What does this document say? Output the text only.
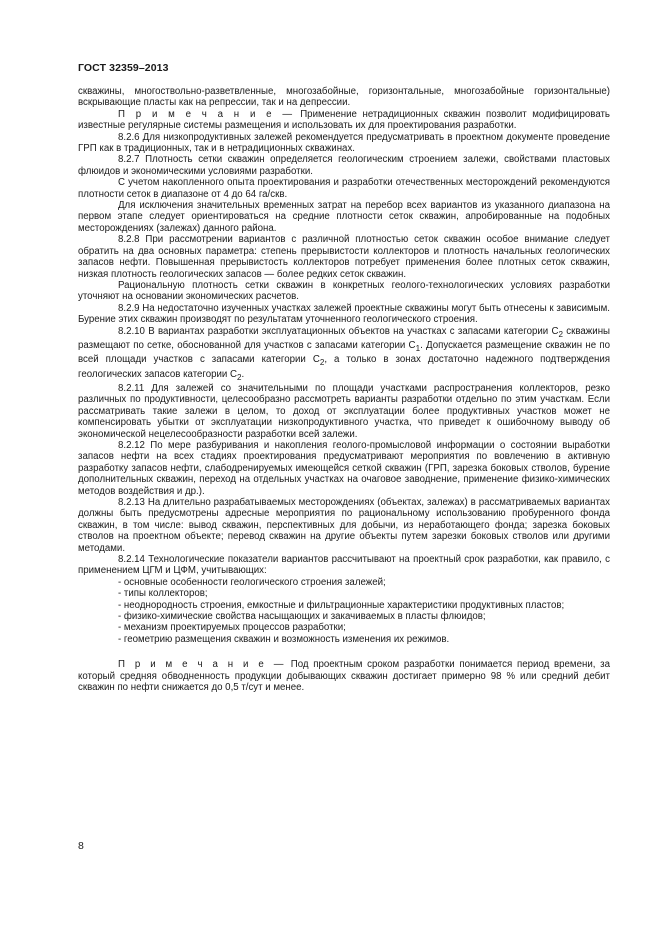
ГОСТ 32359–2013

скважины, многоствольно-разветвленные, многозабойные, горизонтальные, многозабойные горизонтальные) вскрывающие пласты как на репрессии, так и на депрессии.

П р и м е ч а н и е — Применение нетрадиционных скважин позволит модифицировать известные регулярные системы размещения и использовать их для проектирования разработки.

8.2.6 Для низкопродуктивных залежей рекомендуется предусматривать в проектном документе проведение ГРП как в традиционных, так и в нетрадиционных скважинах.

8.2.7 Плотность сетки скважин определяется геологическим строением залежи, свойствами пластовых флюидов и экономическими условиями разработки.

С учетом накопленного опыта проектирования и разработки отечественных месторождений рекомендуются плотности сеток в диапазоне от 4 до 64 га/скв.

Для исключения значительных временных затрат на перебор всех вариантов из указанного диапазона на первом этапе следует ориентироваться на средние плотности сеток скважин, апробированные на подобных месторождениях (залежах) данного района.

8.2.8 При рассмотрении вариантов с различной плотностью сеток скважин особое внимание следует обратить на два основных параметра: степень прерывистости коллекторов и плотность начальных геологических запасов нефти. Повышенная прерывистость коллекторов потребует применения более плотных сеток скважин, низкая плотность геологических запасов — более редких сеток скважин.

Рациональную плотность сетки скважин в конкретных геолого-технологических условиях разработки уточняют на основании экономических расчетов.

8.2.9 На недостаточно изученных участках залежей проектные скважины могут быть отнесены к зависимым. Бурение этих скважин производят по результатам уточненного геологического строения.

8.2.10 В вариантах разработки эксплуатационных объектов на участках с запасами категории $С_2$ скважины размещают по сетке, обоснованной для участков с запасами категории $С_1$. Допускается размещение скважин не по всей площади участков с запасами категории $С_2$, а только в зонах достаточно надежного подтверждения геологических запасов категории $С_2$.

8.2.11 Для залежей со значительными по площади участками распространения коллекторов, резко различных по продуктивности, целесообразно рассмотреть варианты разработки отдельно по этим участкам. Если рассматривать такие залежи в целом, то доход от эксплуатации более продуктивных участков может не компенсировать убытки от эксплуатации низкопродуктивного участка, что приведет к ошибочному выводу об экономической нецелесообразности разработки всей залежи.

8.2.12 По мере разбуривания и накопления геолого-промысловой информации о состоянии выработки запасов нефти на всех стадиях проектирования предусматривают мероприятия по вовлечению в активную разработку запасов нефти, слабодренируемых имеющейся сеткой скважин (ГРП, зарезка боковых стволов, бурение дополнительных скважин, переход на отдельных участках на очаговое заводнение, применение физико-химических методов воздействия и др.).

8.2.13 На длительно разрабатываемых месторождениях (объектах, залежах) в рассматриваемых вариантах должны быть предусмотрены адресные мероприятия по рациональному использованию пробуренного фонда скважин, в том числе: вывод скважин, перспективных для добычи, из неработающего фонда; зарезка боковых стволов на проектном объекте; перевод скважин на другие объекты путем зарезки боковых стволов или другими методами.

8.2.14 Технологические показатели вариантов рассчитывают на проектный срок разработки, как правило, с применением ЦГМ и ЦФМ, учитывающих:

- основные особенности геологического строения залежей;

- типы коллекторов;

- неоднородность строения, емкостные и фильтрационные характеристики продуктивных пластов;

- физико-химические свойства насыщающих и закачиваемых в пласты флюидов;

- механизм проектируемых процессов разработки;

- геометрию размещения скважин и возможность изменения их режимов.

П р и м е ч а н и е — Под проектным сроком разработки понимается период времени, за который средняя обводненность продукции добывающих скважин достигает примерно 98 % или средний дебит скважин по нефти снижается до 0,5 т/сут и менее.

8
